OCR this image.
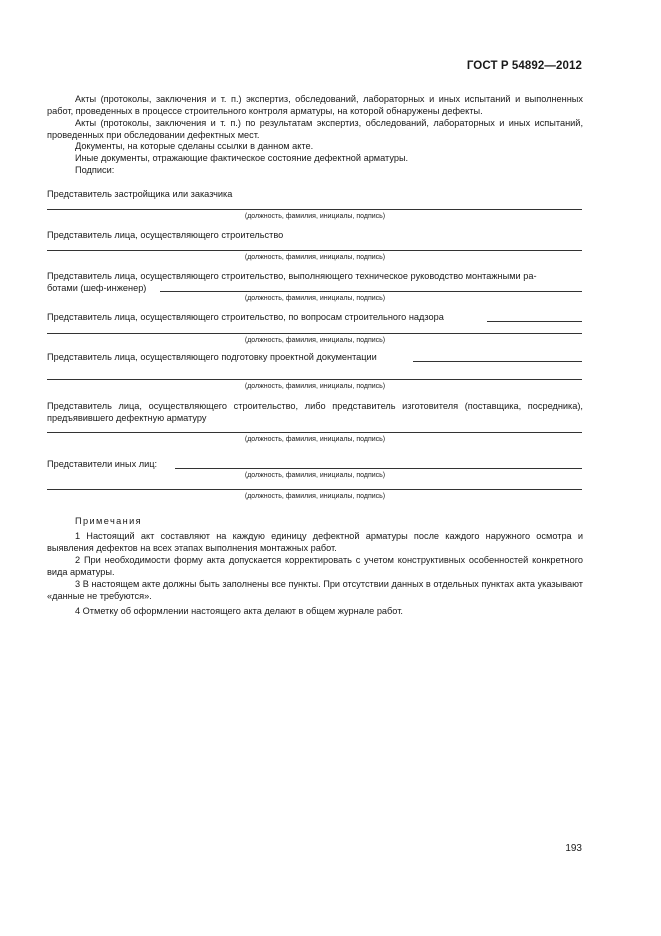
ГОСТ Р 54892—2012

Акты (протоколы, заключения и т. п.) экспертиз, обследований, лабораторных и иных испытаний и выполненных работ, проведенных в процессе строительного контроля арматуры, на которой обнаружены дефекты.

Акты (протоколы, заключения и т. п.) по результатам экспертиз, обследований, лабораторных и иных испытаний, проведенных при обследовании дефектных мест.

Документы, на которые сделаны ссылки в данном акте.

Иные документы, отражающие фактическое состояние дефектной арматуры.

Подписи:

Представитель застройщика или заказчика

(должность, фамилия, инициалы, подпись)

Представитель лица, осуществляющего строительство

(должность, фамилия, инициалы, подпись)

Представитель лица, осуществляющего строительство, выполняющего техническое руководство монтажными ра-

ботами (шеф-инженер)
(должность, фамилия, инициалы, подпись)
Представитель лица, осуществляющего строительство, по вопросам строительного надзора
(должность, фамилия, инициалы, подпись)
Представитель лица, осуществляющего подготовку проектной документации
(должность, фамилия, инициалы, подпись)

Представитель лица, осуществляющего строительство, либо представитель изготовителя (поставщика, посредника), предъявившего дефектную арматуру

(должность, фамилия, инициалы, подпись)
Представители иных лиц:
(должность, фамилия, инициалы, подпись)
(должность, фамилия, инициалы, подпись)
Примечания

1 Настоящий акт составляют на каждую единицу дефектной арматуры после каждого наружного осмотра и выявления дефектов на всех этапах выполнения монтажных работ.

2 При необходимости форму акта допускается корректировать с учетом конструктивных особенностей конкретного вида арматуры.

3 В настоящем акте должны быть заполнены все пункты. При отсутствии данных в отдельных пунктах акта указывают «данные не требуются».

4 Отметку об оформлении настоящего акта делают в общем журнале работ.

193
